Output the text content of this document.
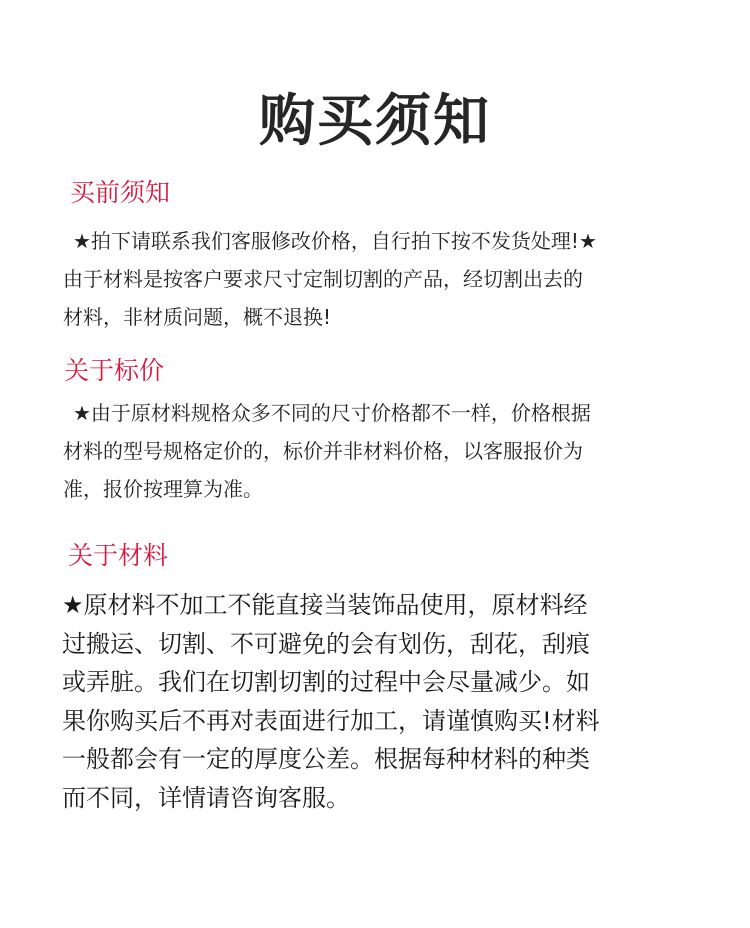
购买须知
买前须知
★拍下请联系我们客服修改价格，自行拍下按不发货处理!★
由于材料是按客户要求尺寸定制切割的产品，经切割出去的
材料，非材质问题，概不退换!
关于标价
★由于原材料规格众多不同的尺寸价格都不一样，价格根据
材料的型号规格定价的，标价并非材料价格，以客服报价为
准，报价按理算为准。
关于材料
★原材料不加工不能直接当装饰品使用，原材料经
过搬运、切割、不可避免的会有划伤，刮花，刮痕
或弄脏。我们在切割切割的过程中会尽量减少。如
果你购买后不再对表面进行加工，请谨慎购买!材料
一般都会有一定的厚度公差。根据每种材料的种类
而不同，详情请咨询客服。
